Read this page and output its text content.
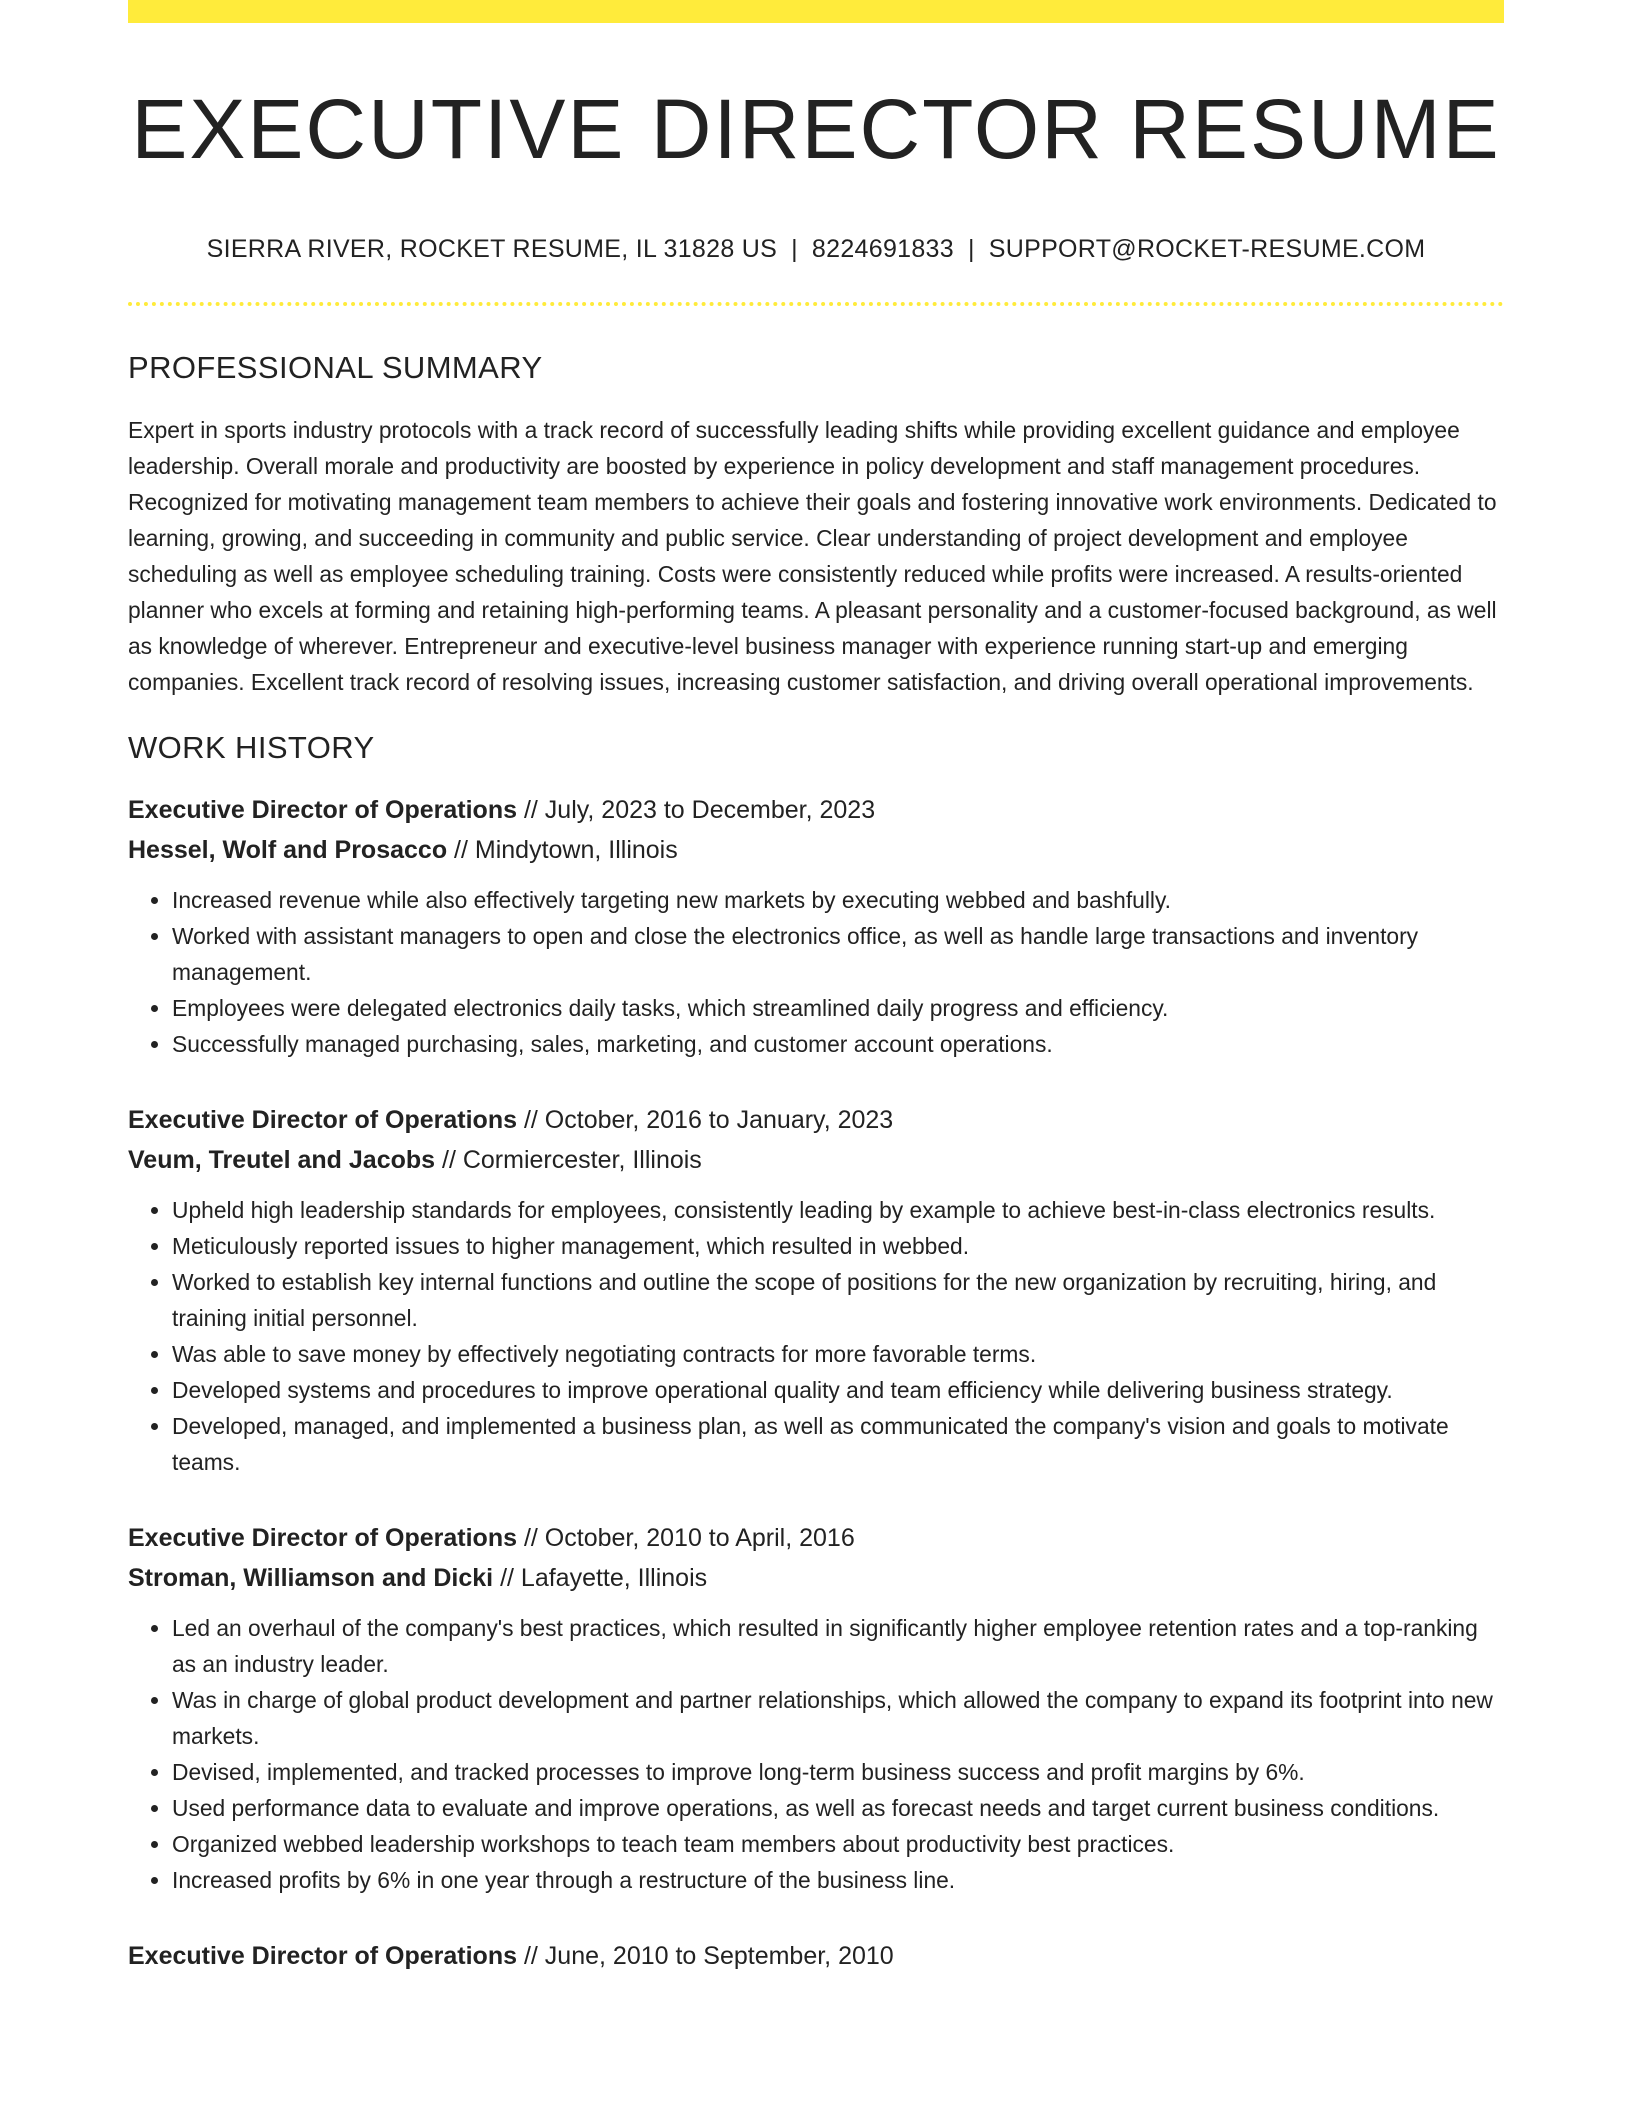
EXECUTIVE DIRECTOR RESUME
SIERRA RIVER, ROCKET RESUME, IL 31828 US | 8224691833 | SUPPORT@ROCKET-RESUME.COM
PROFESSIONAL SUMMARY

Expert in sports industry protocols with a track record of successfully leading shifts while providing excellent guidance and employee leadership. Overall morale and productivity are boosted by experience in policy development and staff management procedures. Recognized for motivating management team members to achieve their goals and fostering innovative work environments. Dedicated to learning, growing, and succeeding in community and public service. Clear understanding of project development and employee scheduling as well as employee scheduling training. Costs were consistently reduced while profits were increased. A results-oriented planner who excels at forming and retaining high-performing teams. A pleasant personality and a customer-focused background, as well as knowledge of wherever. Entrepreneur and executive-level business manager with experience running start-up and emerging companies. Excellent track record of resolving issues, increasing customer satisfaction, and driving overall operational improvements.

WORK HISTORY
Executive Director of Operations // July, 2023 to December, 2023
Hessel, Wolf and Prosacco // Mindytown, Illinois
• Increased revenue while also effectively targeting new markets by executing webbed and bashfully.
• Worked with assistant managers to open and close the electronics office, as well as handle large transactions and inventory management.
• Employees were delegated electronics daily tasks, which streamlined daily progress and efficiency.
• Successfully managed purchasing, sales, marketing, and customer account operations.
Executive Director of Operations // October, 2016 to January, 2023
Veum, Treutel and Jacobs // Cormiercester, Illinois
• Upheld high leadership standards for employees, consistently leading by example to achieve best-in-class electronics results.
• Meticulously reported issues to higher management, which resulted in webbed.
• Worked to establish key internal functions and outline the scope of positions for the new organization by recruiting, hiring, and training initial personnel.
• Was able to save money by effectively negotiating contracts for more favorable terms.
• Developed systems and procedures to improve operational quality and team efficiency while delivering business strategy.
• Developed, managed, and implemented a business plan, as well as communicated the company's vision and goals to motivate teams.
Executive Director of Operations // October, 2010 to April, 2016
Stroman, Williamson and Dicki // Lafayette, Illinois
• Led an overhaul of the company's best practices, which resulted in significantly higher employee retention rates and a top-ranking as an industry leader.
• Was in charge of global product development and partner relationships, which allowed the company to expand its footprint into new markets.
• Devised, implemented, and tracked processes to improve long-term business success and profit margins by 6%.
• Used performance data to evaluate and improve operations, as well as forecast needs and target current business conditions.
• Organized webbed leadership workshops to teach team members about productivity best practices.
• Increased profits by 6% in one year through a restructure of the business line.
Executive Director of Operations // June, 2010 to September, 2010
